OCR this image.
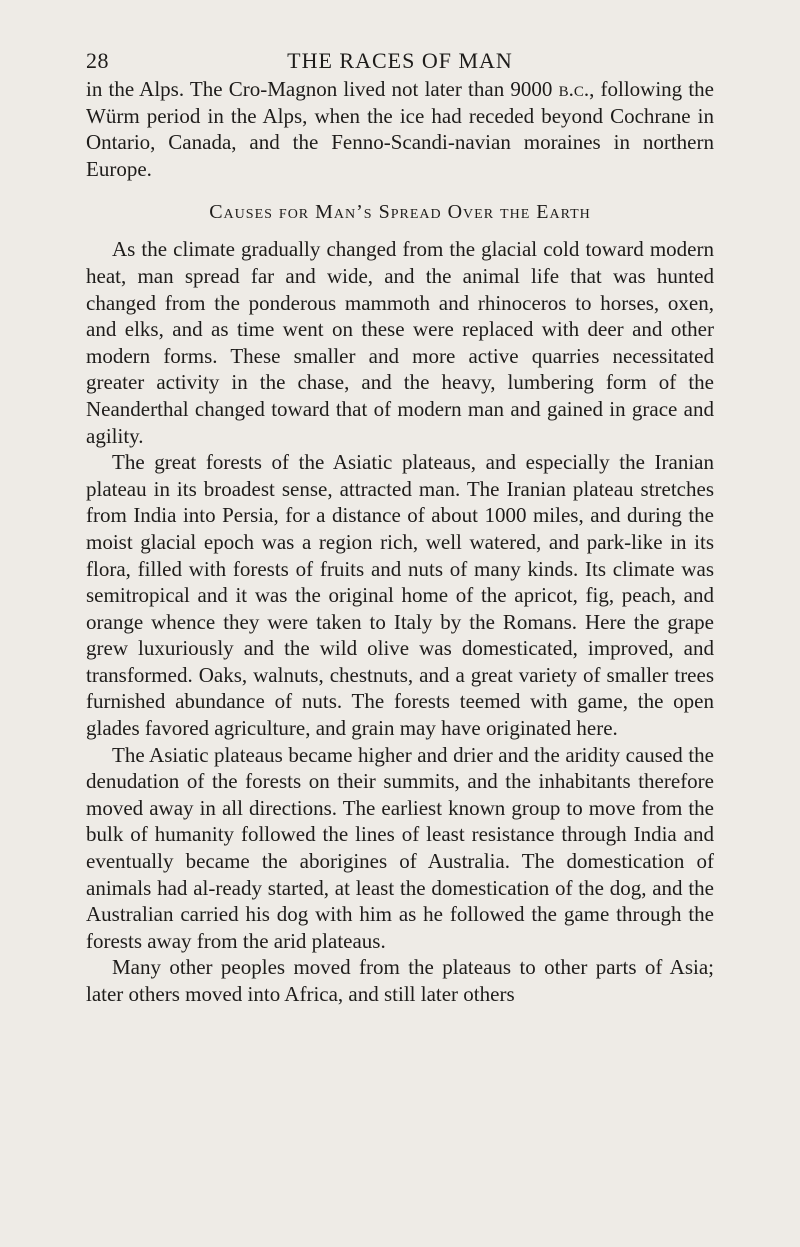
28	THE RACES OF MAN

in the Alps. The Cro-Magnon lived not later than 9000 b.c., following the Würm period in the Alps, when the ice had receded beyond Cochrane in Ontario, Canada, and the Fenno-Scandi-navian moraines in northern Europe.

Causes for Man’s Spread Over the Earth

As the climate gradually changed from the glacial cold toward modern heat, man spread far and wide, and the animal life that was hunted changed from the ponderous mammoth and rhinoceros to horses, oxen, and elks, and as time went on these were replaced with deer and other modern forms. These smaller and more active quarries necessitated greater activity in the chase, and the heavy, lumbering form of the Neanderthal changed toward that of modern man and gained in grace and agility.

The great forests of the Asiatic plateaus, and especially the Iranian plateau in its broadest sense, attracted man. The Iranian plateau stretches from India into Persia, for a distance of about 1000 miles, and during the moist glacial epoch was a region rich, well watered, and park-like in its flora, filled with forests of fruits and nuts of many kinds. Its climate was semitropical and it was the original home of the apricot, fig, peach, and orange whence they were taken to Italy by the Romans. Here the grape grew luxuriously and the wild olive was domesticated, improved, and transformed. Oaks, walnuts, chestnuts, and a great variety of smaller trees furnished abundance of nuts. The forests teemed with game, the open glades favored agriculture, and grain may have originated here.

The Asiatic plateaus became higher and drier and the aridity caused the denudation of the forests on their summits, and the inhabitants therefore moved away in all directions. The earliest known group to move from the bulk of humanity followed the lines of least resistance through India and eventually became the aborigines of Australia. The domestication of animals had al-ready started, at least the domestication of the dog, and the Australian carried his dog with him as he followed the game through the forests away from the arid plateaus.

Many other peoples moved from the plateaus to other parts of Asia; later others moved into Africa, and still later others
